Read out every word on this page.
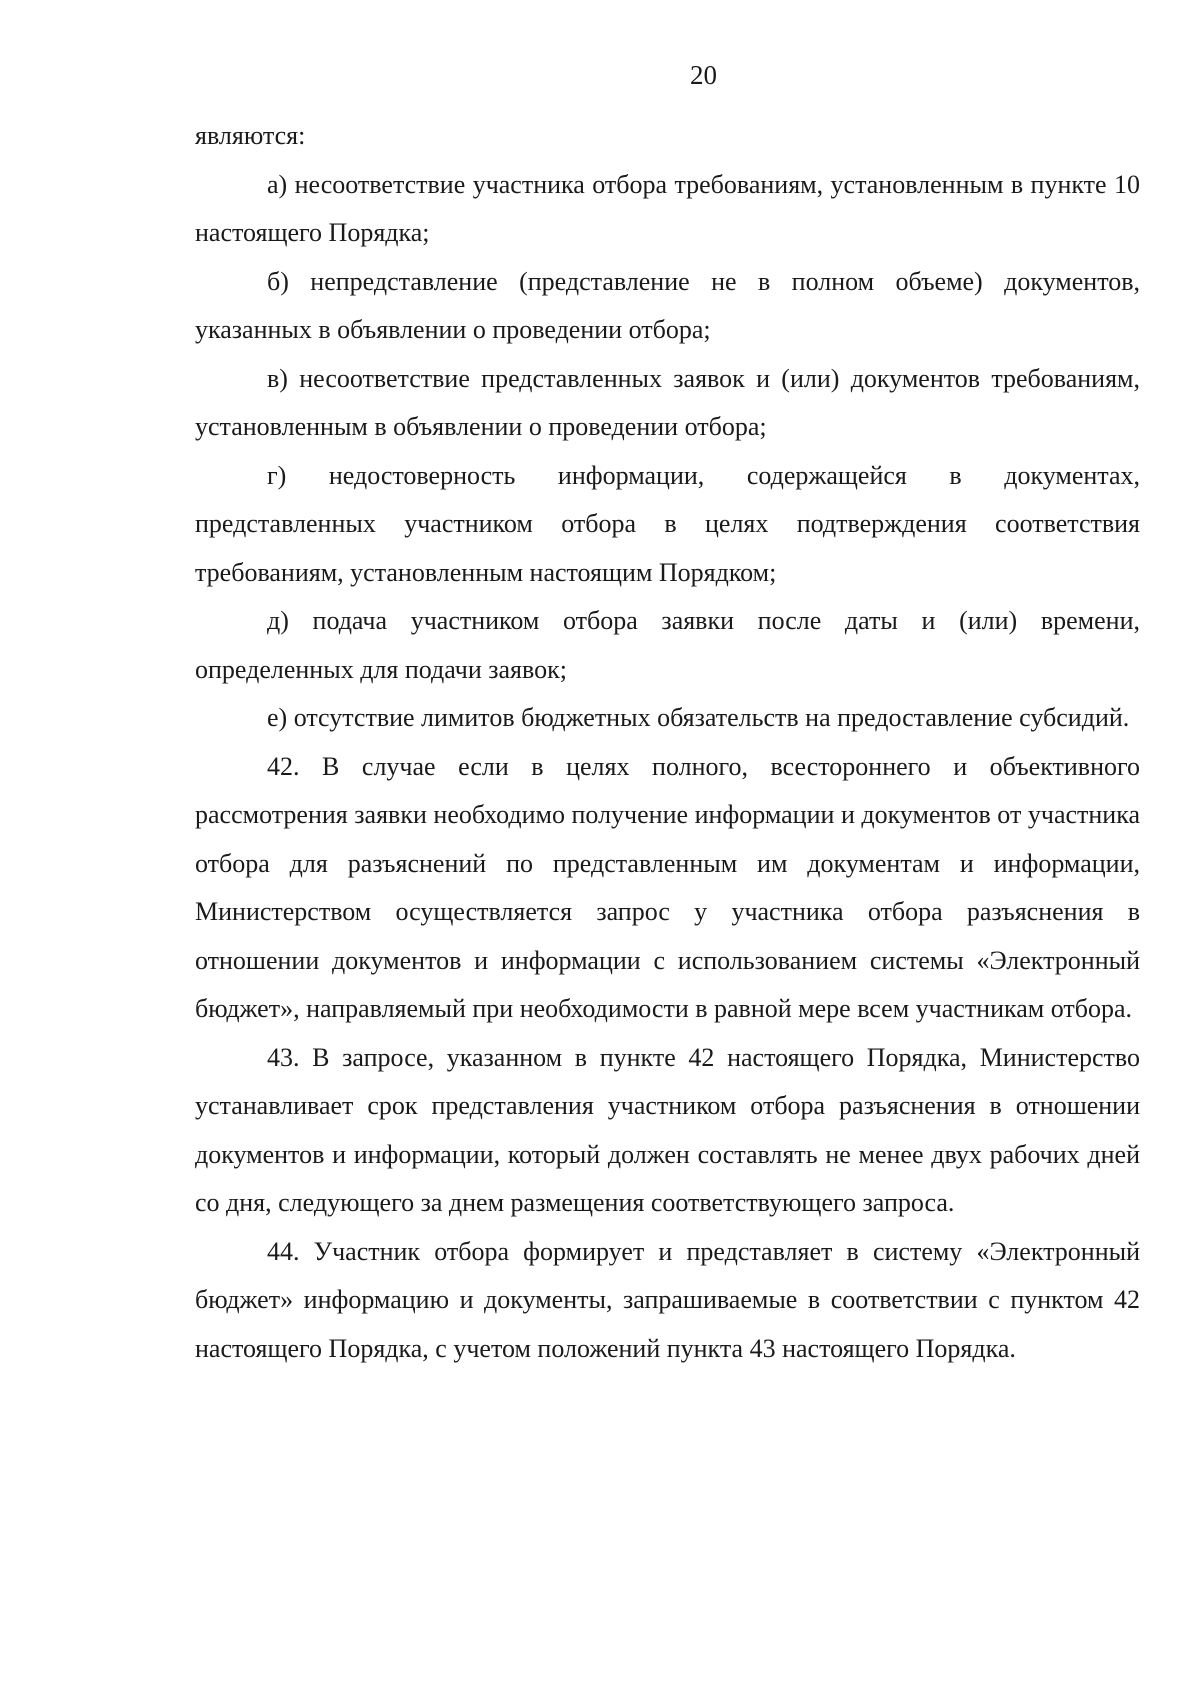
20

являются:

а) несоответствие участника отбора требованиям, установленным в пункте 10 настоящего Порядка;

б) непредставление (представление не в полном объеме) документов, указанных в объявлении о проведении отбора;

в) несоответствие представленных заявок и (или) документов требованиям, установленным в объявлении о проведении отбора;

г) недостоверность информации, содержащейся в документах, представленных участником отбора в целях подтверждения соответствия требованиям, установленным настоящим Порядком;

д) подача участником отбора заявки после даты и (или) времени, определенных для подачи заявок;

е) отсутствие лимитов бюджетных обязательств на предоставление субсидий.

42. В случае если в целях полного, всестороннего и объективного рассмотрения заявки необходимо получение информации и документов от участника отбора для разъяснений по представленным им документам и информации, Министерством осуществляется запрос у участника отбора разъяснения в отношении документов и информации с использованием системы «Электронный бюджет», направляемый при необходимости в равной мере всем участникам отбора.

43. В запросе, указанном в пункте 42 настоящего Порядка, Министерство устанавливает срок представления участником отбора разъяснения в отношении документов и информации, который должен составлять не менее двух рабочих дней со дня, следующего за днем размещения соответствующего запроса.

44. Участник отбора формирует и представляет в систему «Электронный бюджет» информацию и документы, запрашиваемые в соответствии с пунктом 42 настоящего Порядка, с учетом положений пункта 43 настоящего Порядка.
